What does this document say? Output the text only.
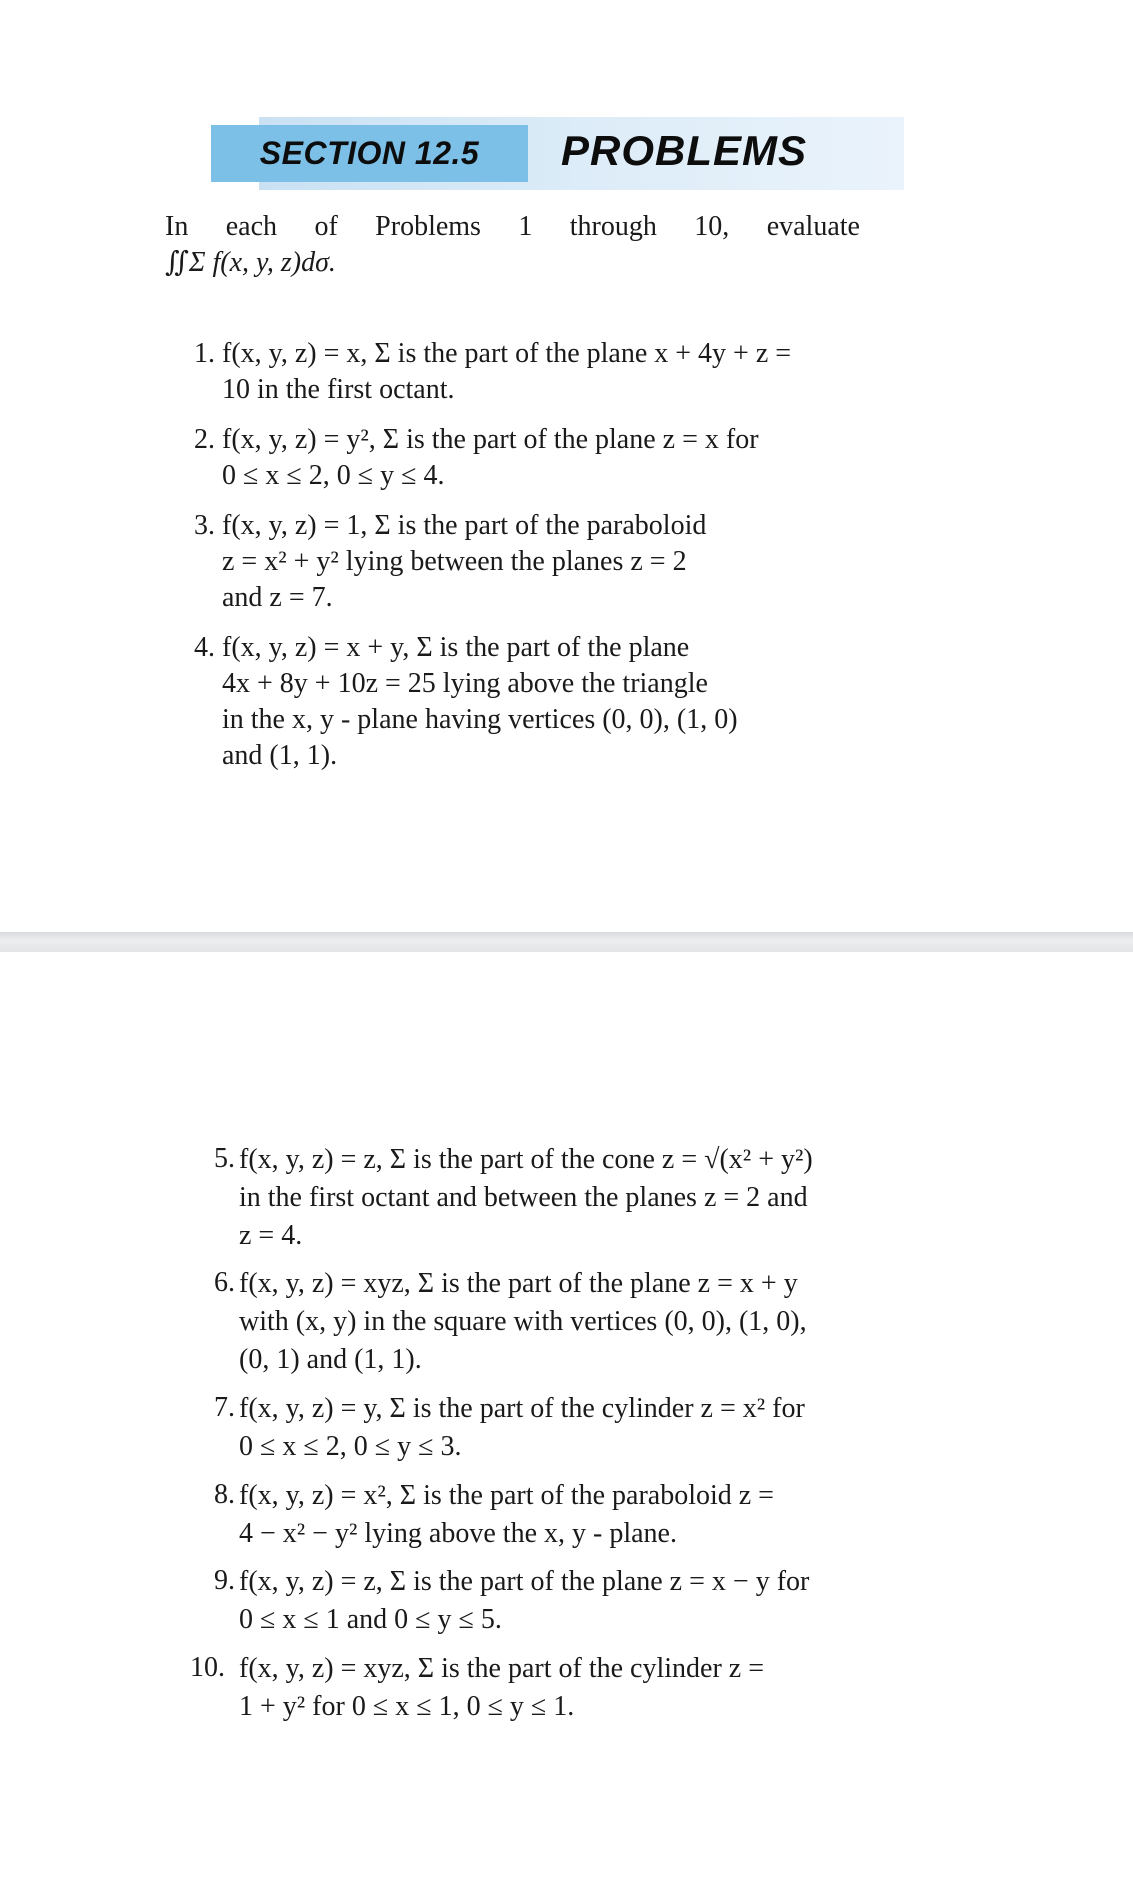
SECTION 12.5 PROBLEMS
In each of Problems 1 through 10, evaluate
∬Σ f(x, y, z)dσ.
1. f(x, y, z) = x, Σ is the part of the plane x + 4y + z =
10 in the first octant.
2. f(x, y, z) = y², Σ is the part of the plane z = x for
0 ≤ x ≤ 2, 0 ≤ y ≤ 4.
3. f(x, y, z) = 1, Σ is the part of the paraboloid
z = x² + y² lying between the planes z = 2
and z = 7.
4. f(x, y, z) = x + y, Σ is the part of the plane
4x + 8y + 10z = 25 lying above the triangle
in the x, y - plane having vertices (0, 0), (1, 0)
and (1, 1).
5. f(x, y, z) = z, Σ is the part of the cone z = √(x² + y²)
in the first octant and between the planes z = 2 and
z = 4.
6. f(x, y, z) = xyz, Σ is the part of the plane z = x + y
with (x, y) in the square with vertices (0, 0), (1, 0),
(0, 1) and (1, 1).
7. f(x, y, z) = y, Σ is the part of the cylinder z = x² for
0 ≤ x ≤ 2, 0 ≤ y ≤ 3.
8. f(x, y, z) = x², Σ is the part of the paraboloid z =
4 − x² − y² lying above the x, y - plane.
9. f(x, y, z) = z, Σ is the part of the plane z = x − y for
0 ≤ x ≤ 1 and 0 ≤ y ≤ 5.
10. f(x, y, z) = xyz, Σ is the part of the cylinder z =
1 + y² for 0 ≤ x ≤ 1, 0 ≤ y ≤ 1.
